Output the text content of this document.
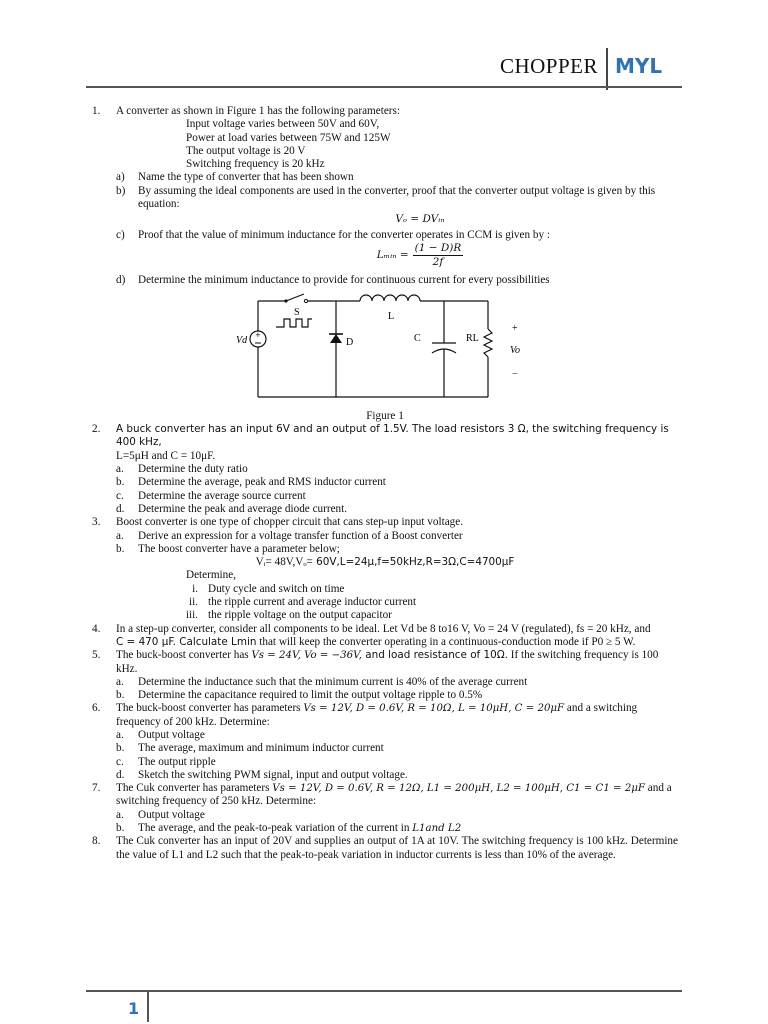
CHOPPER MYL
1. A converter as shown in Figure 1 has the following parameters:
Input voltage varies between 50V and 60V,
Power at load varies between 75W and 125W
The output voltage is 20 V
Switching frequency is 20 kHz
a) Name the type of converter that has been shown
b) By assuming the ideal components are used in the converter, proof that the converter output voltage is given by this equation:
Vₒ = DVᵢₙ
c) Proof that the value of minimum inductance for the converter operates in CCM is given by :
Lₘᵢₙ = $\frac{(1 - D)R}{2f}$
d) Determine the minimum inductance to provide for continuous current for every possibilities
+
S	L
Vd	D	C	RL
+
Vo
−
Figure 1
2. A buck converter has an input 6V and an output of 1.5V. The load resistors 3 Ω, the switching frequency is 400 kHz,
L=5μH and C = 10μF.
a. Determine the duty ratio
b. Determine the average, peak and RMS inductor current
c. Determine the average source current
d. Determine the peak and average diode current.
3. Boost converter is one type of chopper circuit that cans step-up input voltage.
a. Derive an expression for a voltage transfer function of a Boost converter
b. The boost converter have a parameter below;
Vᵢ= 48V,Vₒ= 60V,L=24μ,f=50kHz,R=3Ω,C=4700μF
Determine,
i. Duty cycle and switch on time
ii. the ripple current and average inductor current
iii. the ripple voltage on the output capacitor
4. In a step-up converter, consider all components to be ideal. Let Vd be 8 to16 V, Vo = 24 V (regulated), fs = 20 kHz, and
C = 470 μF. Calculate Lmin that will keep the converter operating in a continuous-conduction mode if P0 ≥ 5 W.
5. The buck-boost converter has Vs = 24V, Vo = −36V, and load resistance of 10Ω. If the switching frequency is 100 kHz.
a. Determine the inductance such that the minimum current is 40% of the average current
b. Determine the capacitance required to limit the output voltage ripple to 0.5%
6. The buck-boost converter has parameters Vs = 12V, D = 0.6V, R = 10Ω, L = 10μH, C = 20μF and a switching
frequency of 200 kHz. Determine:
a. Output voltage
b. The average, maximum and minimum inductor current
c. The output ripple
d. Sketch the switching PWM signal, input and output voltage.
7. The Cuk converter has parameters Vs = 12V, D = 0.6V, R = 12Ω, L1 = 200μH, L2 = 100μH, C1 = C1 = 2μF and a
switching frequency of 250 kHz. Determine:
a. Output voltage
b. The average, and the peak-to-peak variation of the current in L1and L2
8. The Cuk converter has an input of 20V and supplies an output of 1A at 10V. The switching frequency is 100 kHz. Determine the value of L1 and L2 such that the peak-to-peak variation in inductor currents is less than 10% of the average.
1
